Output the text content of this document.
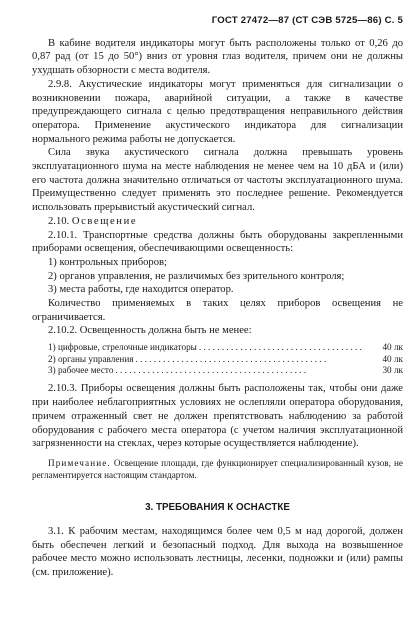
ГОСТ 27472—87 (СТ СЭВ 5725—86) С. 5

В кабине водителя индикаторы могут быть расположены только от 0,26 до 0,87 рад (от 15 до 50°) вниз от уровня глаз водителя, причем они не должны ухудшать обзорности с места водителя.

2.9.8. Акустические индикаторы могут применяться для сигнализации о возникновении пожара, аварийной ситуации, а также в качестве предупреждающего сигнала с целью предотвращения неправильного действия оператора. Применение акустического индикатора для сигнализации нормального режима работы не допускается.

Сила звука акустического сигнала должна превышать уровень эксплуатационного шума на месте наблюдения не менее чем на 10 дБА и (или) его частота должна значительно отличаться от частоты эксплуатационного шума. Преимущественно следует применять это последнее решение. Рекомендуется использовать прерывистый акустический сигнал.

2.10. Освещение

2.10.1. Транспортные средства должны быть оборудованы закрепленными приборами освещения, обеспечивающими освещенность:

1) контрольных приборов;

2) органов управления, не различимых без зрительного контроля;

3) места работы, где находится оператор.

Количество применяемых в таких целях приборов освещения не ограничивается.

2.10.2. Освещенность должна быть не менее:

1) цифровые, стрелочные индикаторы . . .	40 лк
2) органы управления . . .	40 лк
3) рабочее место . . .	30 лк

2.10.3. Приборы освещения должны быть расположены так, чтобы они даже при наиболее неблагоприятных условиях не ослепляли оператора оборудования, причем отраженный свет не должен препятствовать наблюдению за работой оборудования с рабочего места оператора (с учетом наличия эксплуатационной загрязненности на стеклах, через которые осуществляется наблюдение).

Примечание. Освещение площади, где функционирует специализированный кузов, не регламентируется настоящим стандартом.

3. ТРЕБОВАНИЯ К ОСНАСТКЕ

3.1. К рабочим местам, находящимся более чем 0,5 м над дорогой, должен быть обеспечен легкий и безопасный подход. Для выхода на возвышенное рабочее место можно использовать лестницы, лесенки, подножки и (или) рампы (см. приложение).
